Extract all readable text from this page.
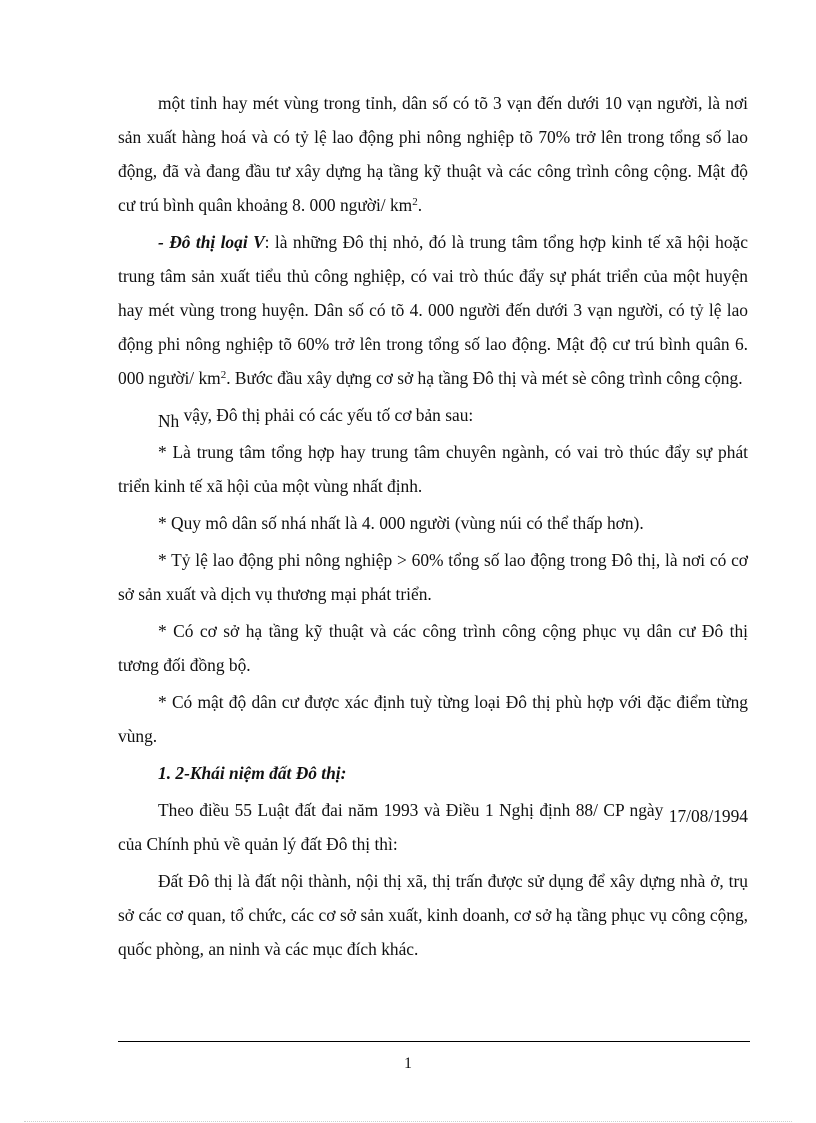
một tỉnh hay mét vùng trong tỉnh, dân số có tõ 3 vạn đến dưới 10 vạn người, là nơi sản xuất hàng hoá và có tỷ lệ lao động phi nông nghiệp tõ 70% trở lên trong tổng số lao động, đã và đang đầu tư xây dựng hạ tầng kỹ thuật và các công trình công cộng. Mật độ cư trú bình quân khoảng 8. 000 người/ $km^2$.

- Đô thị loại V: là những Đô thị nhỏ, đó là trung tâm tổng hợp kinh tế xã hội hoặc trung tâm sản xuất tiểu thủ công nghiệp, có vai trò thúc đẩy sự phát triển của một huyện hay mét vùng trong huyện. Dân số có tõ 4. 000 người đến dưới 3 vạn người, có tỷ lệ lao động phi nông nghiệp tõ 60% trở lên trong tổng số lao động. Mật độ cư trú bình quân 6. 000 người/ $km^2$. Bước đầu xây dựng cơ sở hạ tầng Đô thị và mét sè công trình công cộng.

Nh vậy, Đô thị phải có các yếu tố cơ bản sau:

* Là trung tâm tổng hợp hay trung tâm chuyên ngành, có vai trò thúc đẩy sự phát triển kinh tế xã hội của một vùng nhất định.

* Quy mô dân số nhá nhất là 4. 000 người (vùng núi có thể thấp hơn).

* Tỷ lệ lao động phi nông nghiệp > 60% tổng số lao động trong Đô thị, là nơi có cơ sở sản xuất và dịch vụ thương mại phát triển.

* Có cơ sở hạ tầng kỹ thuật và các công trình công cộng phục vụ dân cư Đô thị tương đối đồng bộ.

* Có mật độ dân cư được xác định tuỳ từng loại Đô thị phù hợp với đặc điểm từng vùng.

1. 2-Khái niệm đất Đô thị:

Theo điều 55 Luật đất đai năm 1993 và Điều 1 Nghị định 88/ CP ngày 17/08/1994 của Chính phủ về quản lý đất Đô thị thì:

Đất Đô thị là đất nội thành, nội thị xã, thị trấn được sử dụng để xây dựng nhà ở, trụ sở các cơ quan, tổ chức, các cơ sở sản xuất, kinh doanh, cơ sở hạ tầng phục vụ công cộng, quốc phòng, an ninh và các mục đích khác.

1
